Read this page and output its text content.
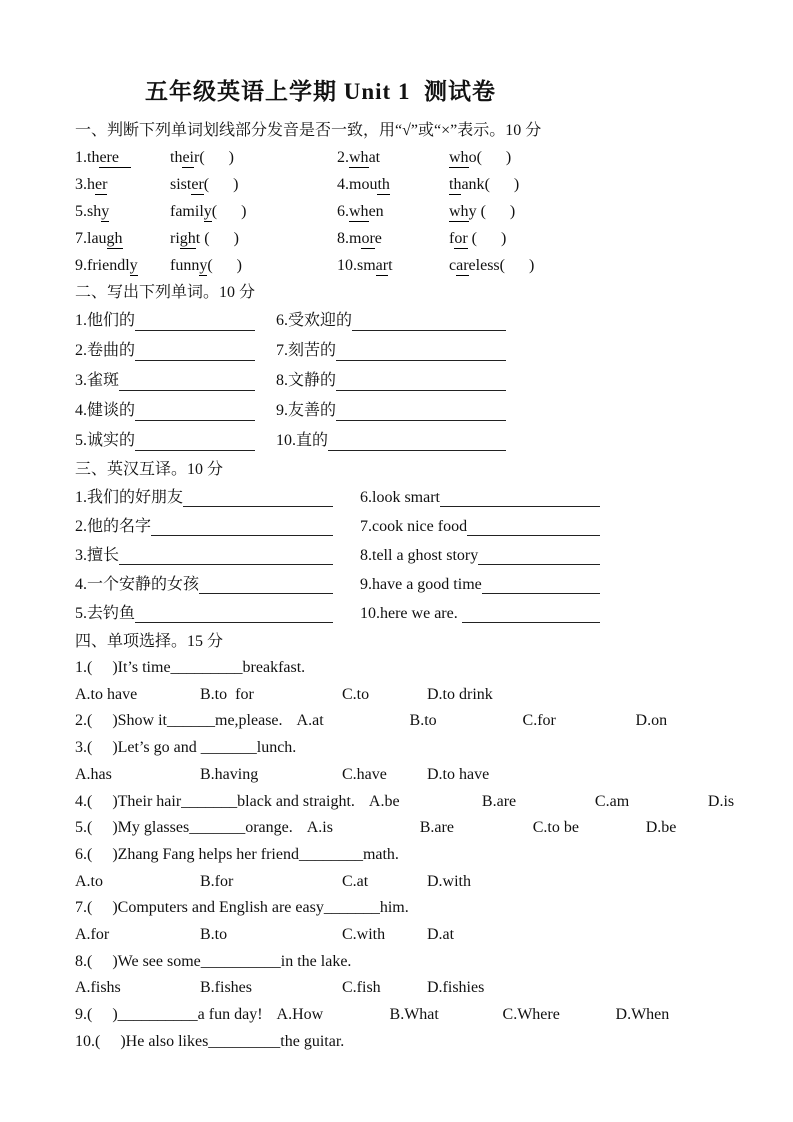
五年级英语上学期 Unit 1  测试卷
一、判断下列单词划线部分发音是否一致，用“√”或“×”表示。10 分
1.there	their(      )	2.what	who(      )
3.her	sister(      )	4.mouth	thank(      )
5.shy	family(      )	6.when	why (      )
7.laugh	right (      )	8.more	for (      )
9.friendly	funny(      )	10.smart	careless(      )
二、写出下列单词。10 分
1.他们的	6.受欢迎的
2.卷曲的	7.刻苦的
3.雀斑	8.文静的
4.健谈的	9.友善的
5.诚实的	10.直的
三、英汉互译。10 分
1.我们的好朋友	6.look smart
2.他的名字	7.cook nice food
3.擅长	8.tell a ghost story
4.一个安静的女孩	9.have a good time
5.去钓鱼	10.here we are.
四、单项选择。15 分
1.(     )It’s time_________breakfast.
A.to have	B.to  for	C.to	D.to drink
2.(     )Show it______me,please. A.at	B.to	C.for	D.on
3.(     )Let’s go and _______lunch.
A.has	B.having	C.have	D.to have
4.(     )Their hair_______black and straight. A.be	B.are	C.am	D.is
5.(     )My glasses_______orange. A.is	B.are	C.to be	D.be
6.(     )Zhang Fang helps her friend________math.
A.to	B.for	C.at	D.with
7.(     )Computers and English are easy_______him.
A.for	B.to	C.with	D.at
8.(     )We see some__________in the lake.
A.fishs	B.fishes	C.fish	D.fishies
9.(     )__________a fun day! A.How	B.What	C.Where	D.When
10.(     )He also likes_________the guitar.
